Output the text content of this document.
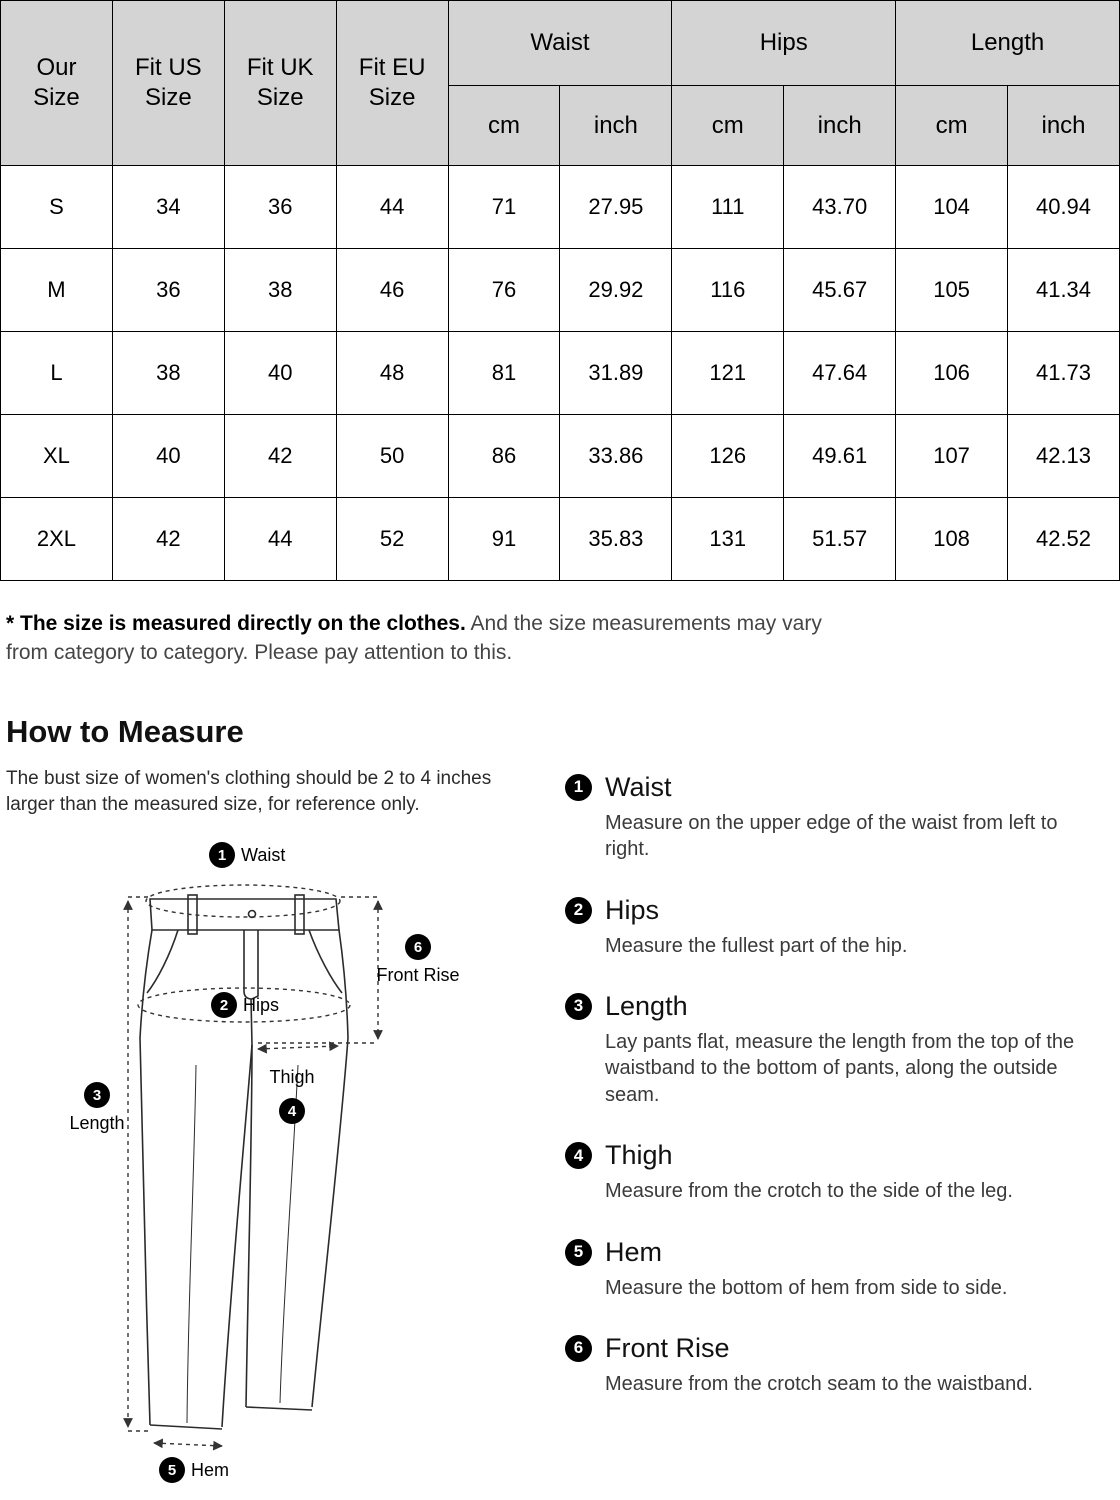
Our Size	Fit US Size	Fit UK Size	Fit EU Size	Waist		Hips		Length	
				cm	inch	cm	inch	cm	inch
S	34	36	44	71	27.95	111	43.70	104	40.94
M	36	38	46	76	29.92	116	45.67	105	41.34
L	38	40	48	81	31.89	121	47.64	106	41.73
XL	40	42	50	86	33.86	126	49.61	107	42.13
2XL	42	44	52	91	35.83	131	51.57	108	42.52

* The size is measured directly on the clothes. And the size measurements may vary from category to category. Please pay attention to this.

How to Measure

The bust size of women's clothing should be 2 to 4 inches larger than the measured size, for reference only.

1 Waist
2 Hips
3
Length
Thigh
4
5 Hem
6
Front Rise
1 Waist

Measure on the upper edge of the waist from left to right.

2 Hips

Measure the fullest part of the hip.

3 Length

Lay pants flat, measure the length from the top of the waistband to the bottom of pants, along the outside seam.

4 Thigh

Measure from the crotch to the side of the leg.

5 Hem

Measure the bottom of hem from side to side.

6 Front Rise

Measure from the crotch seam to the waistband.
